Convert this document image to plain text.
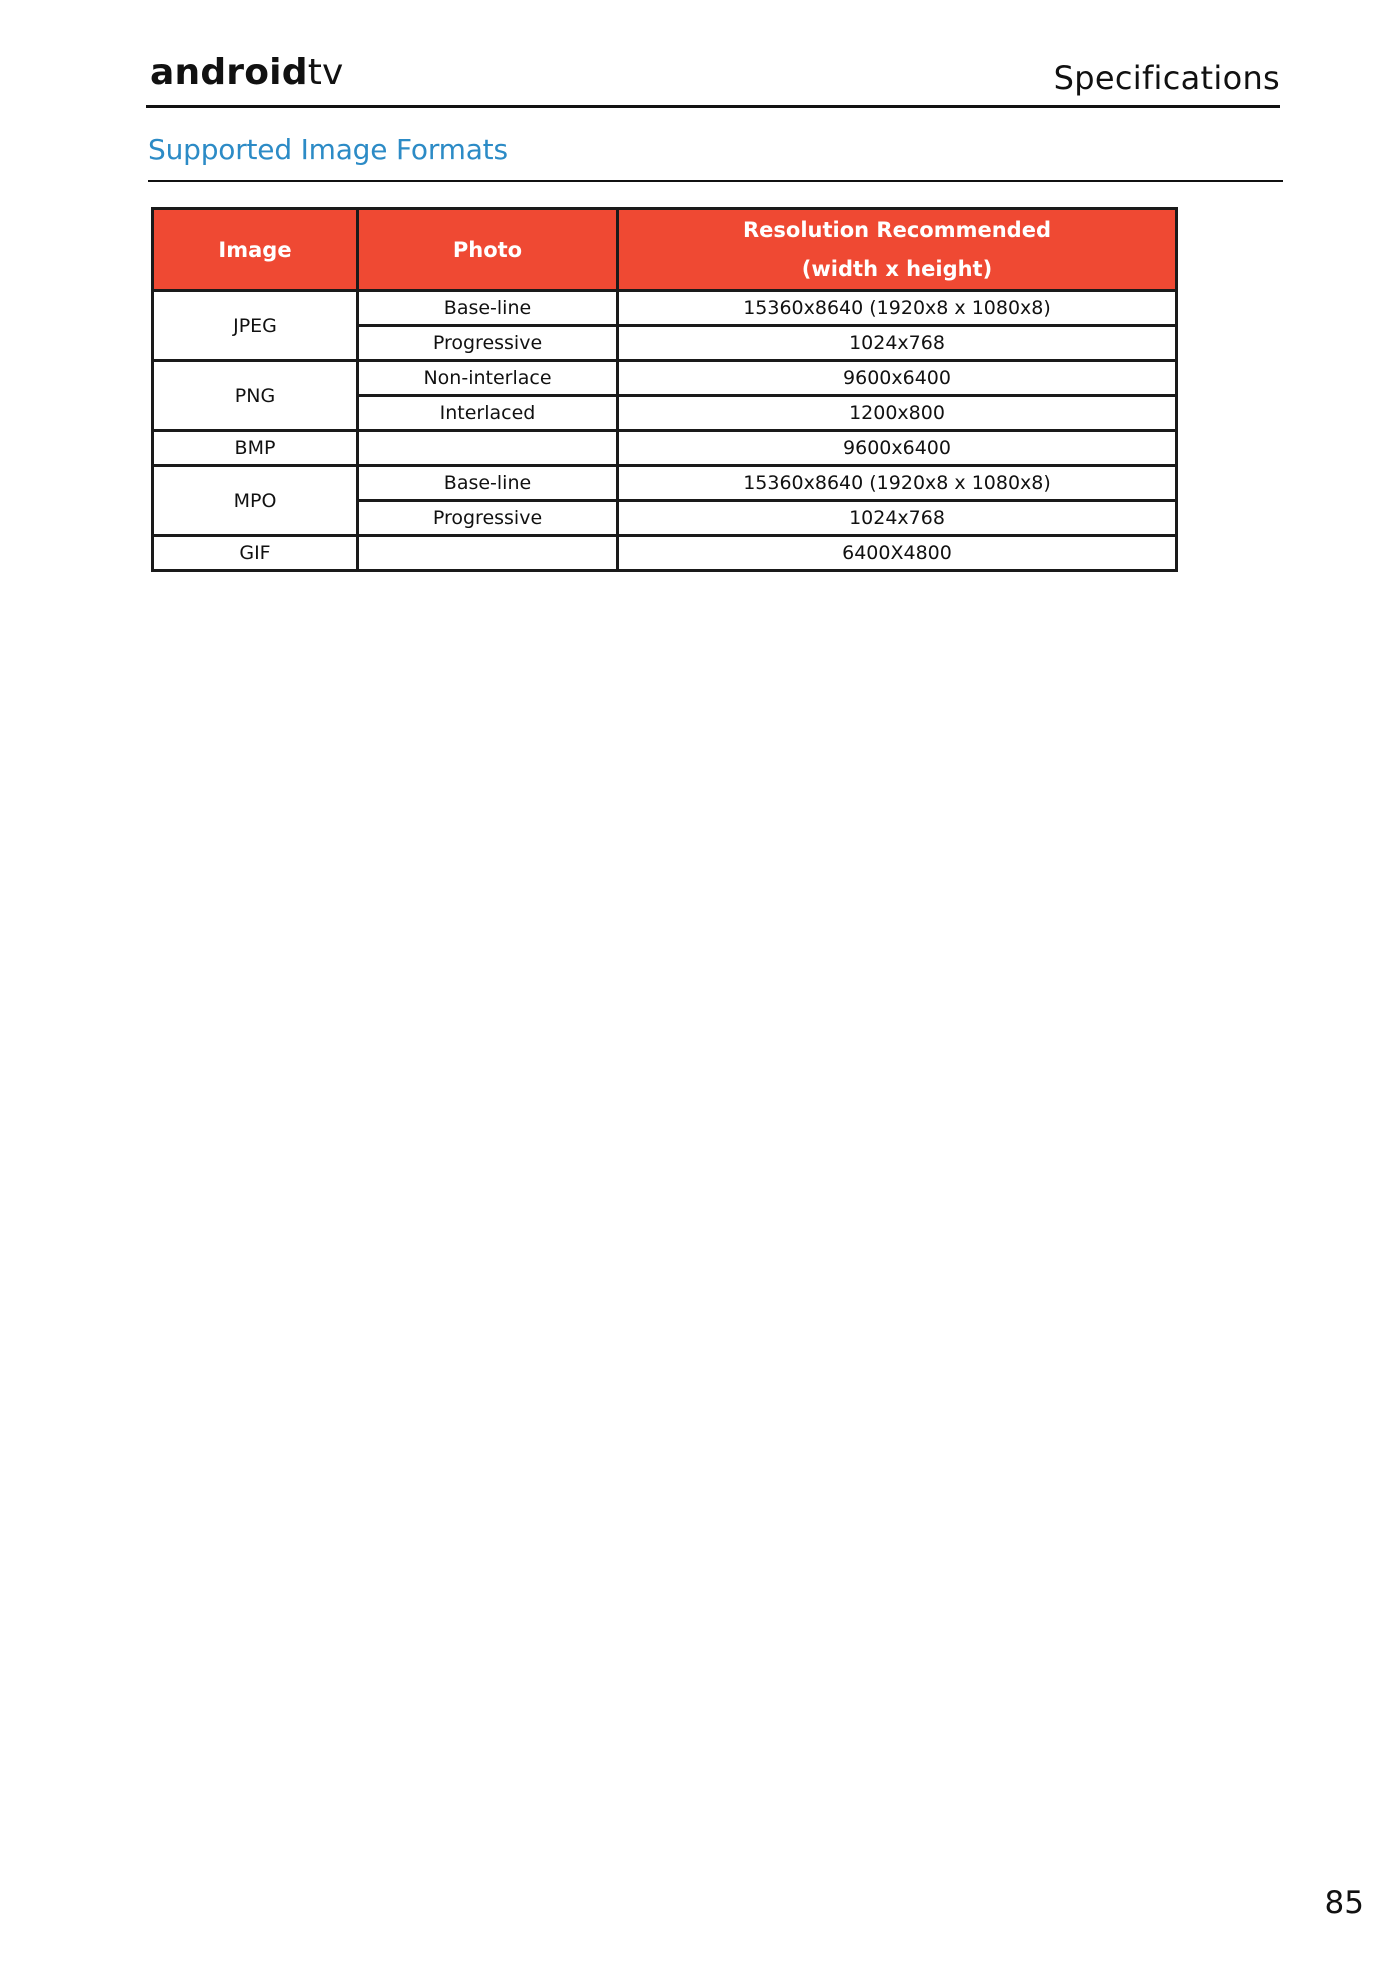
androidtv	Specifications
Supported Image Formats
Image	Photo	Resolution Recommended
(width x height)

JPEG	Base-line	15360x8640 (1920x8 x 1080x8)
	Progressive	1024x768
PNG	Non-interlace	9600x6400
	Interlaced	1200x800
BMP		9600x6400
MPO	Base-line	15360x8640 (1920x8 x 1080x8)
	Progressive	1024x768
GIF		6400X4800
85
